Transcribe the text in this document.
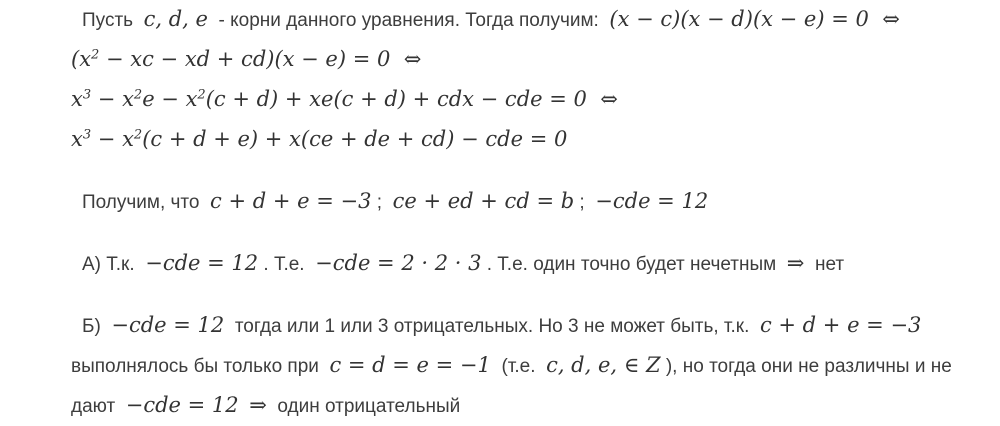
Пусть  c, d, e  - корни данного уравнения. Тогда получим:  (x − c)(x − d)(x − e) = 0  ⇔
($x^2$ − xc − xd + cd)(x − e) = 0  ⇔
$x^3 - x^2e - x^2(c + d) + xe(c + d)$ + cdx − cde = 0  ⇔
$x^3 - x^2(c + d + e) + x(ce$ + de + cd) − cde = 0
Получим, что  c + d + e = −3 ;  ce + ed + cd = b ;  −cde = 12
А) Т.к.  −cde = 12 . Т.е.  −cde = 2 · 2 · 3 . Т.е. один точно будет нечетным  ⇒  нет
Б)  −cde = 12  тогда или 1 или 3 отрицательных. Но 3 не может быть, т.к.  c + d + e = −3
выполнялось бы только при  c = d = e = −1  (т.е.  c, d, e, ∈ Z ), но тогда они не различны и не
дают  −cde = 12 ⇒  один отрицательный
